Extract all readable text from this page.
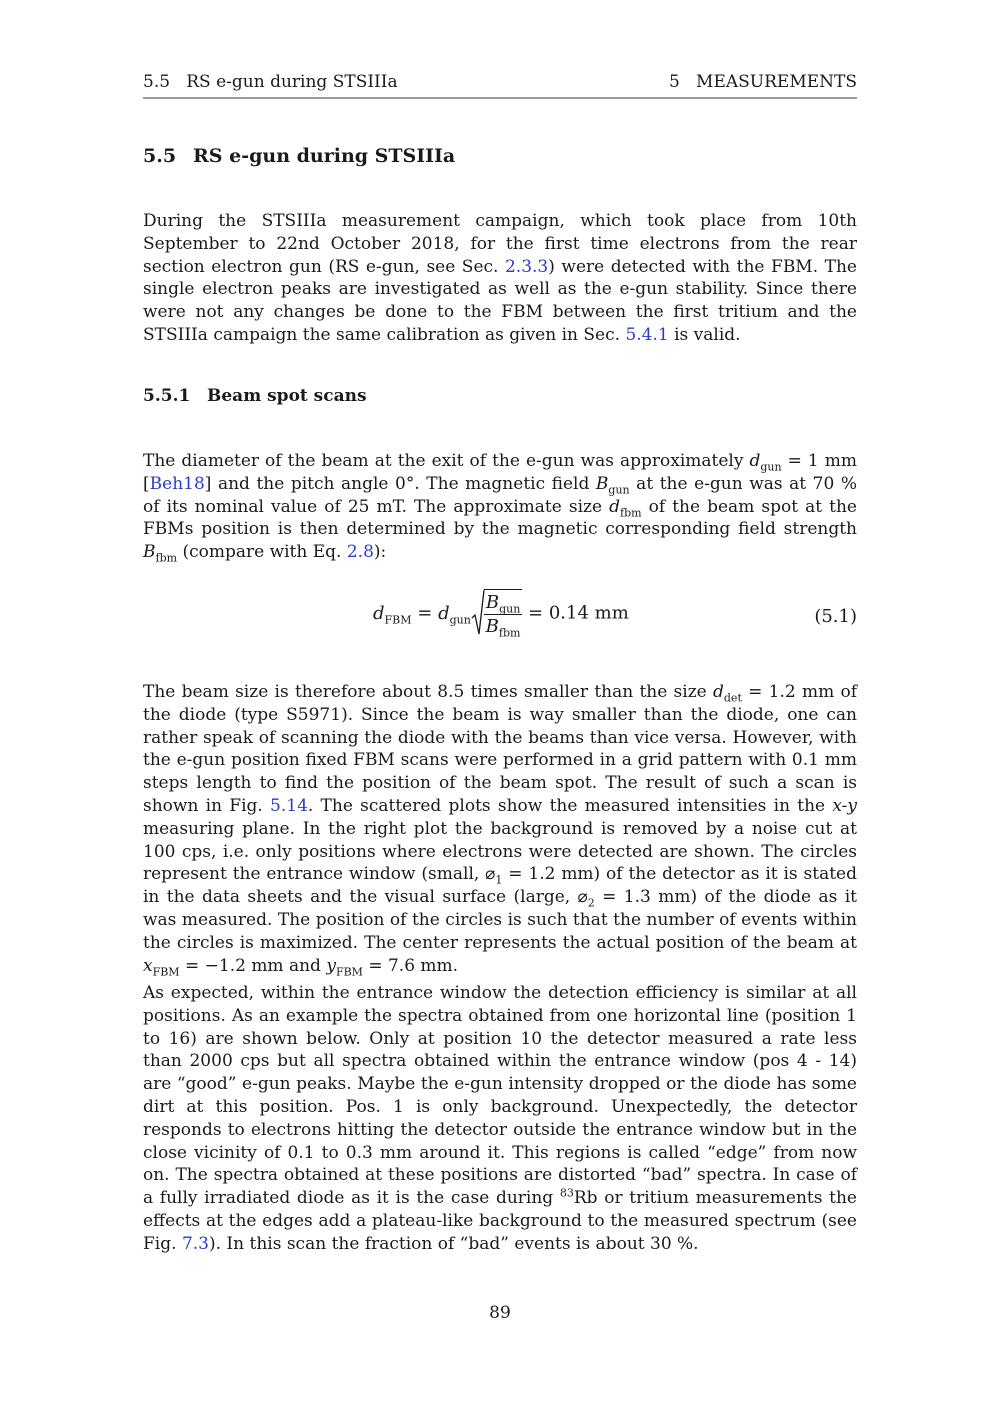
5.5   RS e-gun during STSIIIa	5   MEASUREMENTS
5.5 RS e-gun during STSIIIa

During the STSIIIa measurement campaign, which took place from 10th September to 22nd October 2018, for the first time electrons from the rear section electron gun (RS e-gun, see Sec. 2.3.3) were detected with the FBM. The single electron peaks are investigated as well as the e-gun stability. Since there were not any changes be done to the FBM between the first tritium and the STSIIIa campaign the same calibration as given in Sec. 5.4.1 is valid.

5.5.1 Beam spot scans

The diameter of the beam at the exit of the e-gun was approximately $d_{gun} = 1$ mm [Beh18] and the pitch angle 0°. The magnetic field $B_{gun}$ at the e-gun was at 70 % of its nominal value of 25 mT. The approximate size $d_{fbm}$ of the beam spot at the FBMs position is then determined by the magnetic corresponding field strength $B_{fbm}$ (compare with Eq. 2.8):

$d_{FBM} = d_{gun} \frac{B_{gun}}{B_{fbm}} = 0.14$ mm	(5.1)

The beam size is therefore about 8.5 times smaller than the size $d_{det} = 1.2$ mm of the diode (type S5971). Since the beam is way smaller than the diode, one can rather speak of scanning the diode with the beams than vice versa. However, with the e-gun position fixed FBM scans were performed in a grid pattern with 0.1 mm steps length to find the position of the beam spot. The result of such a scan is shown in Fig. 5.14. The scattered plots show the measured intensities in the x-y measuring plane. In the right plot the background is removed by a noise cut at 100 cps, i.e. only positions where electrons were detected are shown. The circles represent the entrance window (small, $⌀_1 = 1.2$ mm) of the detector as it is stated in the data sheets and the visual surface (large, $⌀_2 = 1.3$ mm) of the diode as it was measured. The position of the circles is such that the number of events within the circles is maximized. The center represents the actual position of the beam at $x_{FBM} = -1.2$ mm and $y_{FBM} = 7.6$ mm.

As expected, within the entrance window the detection efficiency is similar at all positions. As an example the spectra obtained from one horizontal line (position 1 to 16) are shown below. Only at position 10 the detector measured a rate less than 2000 cps but all spectra obtained within the entrance window (pos 4 - 14) are “good” e-gun peaks. Maybe the e-gun intensity dropped or the diode has some dirt at this position. Pos. 1 is only background. Unexpectedly, the detector responds to electrons hitting the detector outside the entrance window but in the close vicinity of 0.1 to 0.3 mm around it. This regions is called “edge” from now on. The spectra obtained at these positions are distorted “bad” spectra. In case of a fully irradiated diode as it is the case during $^{83}$Rb or tritium measurements the effects at the edges add a plateau-like background to the measured spectrum (see Fig. 7.3). In this scan the fraction of “bad” events is about 30 %.

89
